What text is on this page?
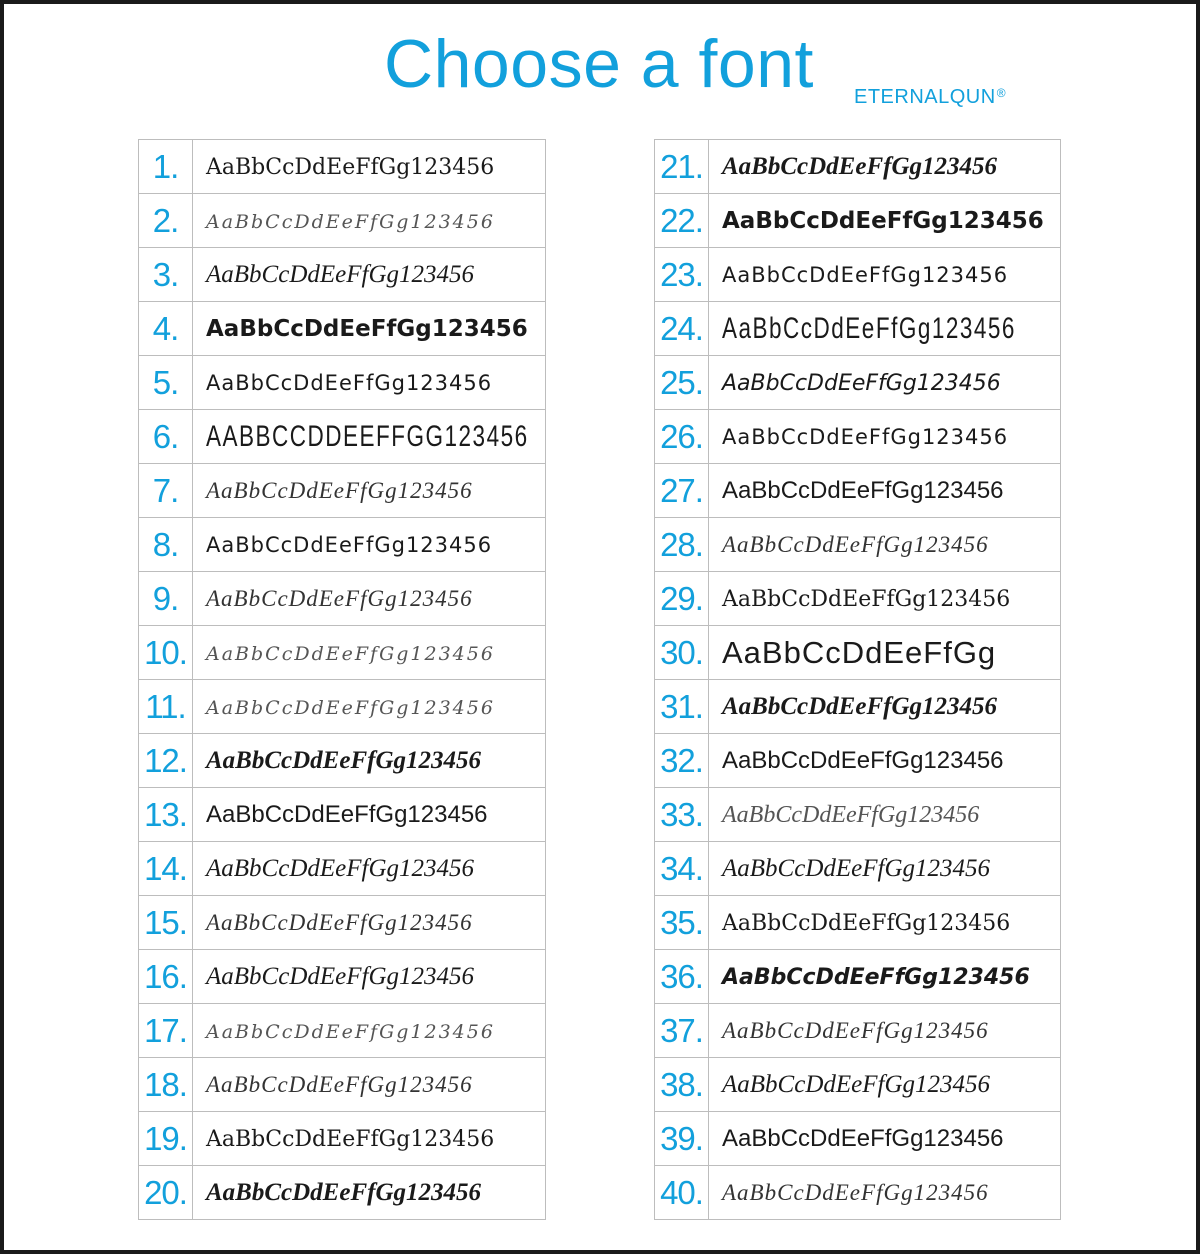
Choose a font ETERNALQUN®
1.	AaBbCcDdEeFfGg123456
2.	AaBbCcDdEeFfGg123456
3.	AaBbCcDdEeFfGg123456
4.	AaBbCcDdEeFfGg123456
5.	AaBbCcDdEeFfGg123456
6.	AABBCCDDEEFFGG123456
7.	AaBbCcDdEeFfGg123456
8.	AaBbCcDdEeFfGg123456
9.	AaBbCcDdEeFfGg123456
10.	AaBbCcDdEeFfGg123456
11.	AaBbCcDdEeFfGg123456
12.	AaBbCcDdEeFfGg123456
13.	AaBbCcDdEeFfGg123456
14.	AaBbCcDdEeFfGg123456
15.	AaBbCcDdEeFfGg123456
16.	AaBbCcDdEeFfGg123456
17.	AaBbCcDdEeFfGg123456
18.	AaBbCcDdEeFfGg123456
19.	AaBbCcDdEeFfGg123456
20.	AaBbCcDdEeFfGg123456
21.	AaBbCcDdEeFfGg123456
22.	AaBbCcDdEeFfGg123456
23.	AaBbCcDdEeFfGg123456
24.	AaBbCcDdEeFfGg123456
25.	AaBbCcDdEeFfGg123456
26.	AaBbCcDdEeFfGg123456
27.	AaBbCcDdEeFfGg123456
28.	AaBbCcDdEeFfGg123456
29.	AaBbCcDdEeFfGg123456
30.	AaBbCcDdEeFfGg
31.	AaBbCcDdEeFfGg123456
32.	AaBbCcDdEeFfGg123456
33.	AaBbCcDdEeFfGg123456
34.	AaBbCcDdEeFfGg123456
35.	AaBbCcDdEeFfGg123456
36.	AaBbCcDdEeFfGg123456
37.	AaBbCcDdEeFfGg123456
38.	AaBbCcDdEeFfGg123456
39.	AaBbCcDdEeFfGg123456
40.	AaBbCcDdEeFfGg123456
